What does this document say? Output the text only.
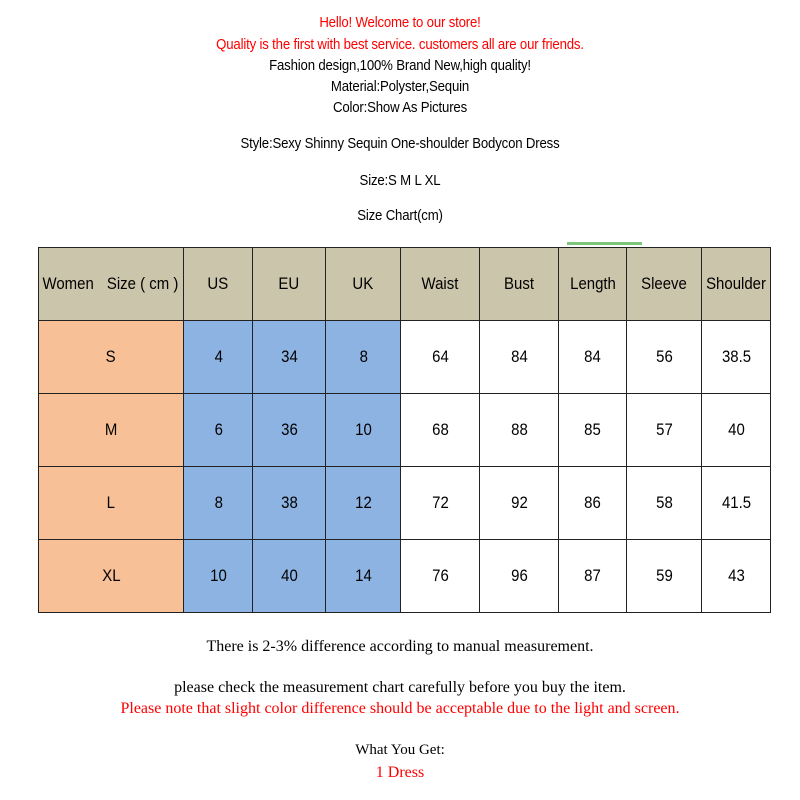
Hello! Welcome to our store!
Quality is the first with best service. customers all are our friends.
Fashion design,100% Brand New,high quality!
Material:Polyster,Sequin
Color:Show As Pictures
Style:Sexy Shinny Sequin One-shoulder Bodycon Dress
Size:S M L XL
Size Chart(cm)
Women Size ( cm )	US	EU	UK	Waist	Bust	Length	Sleeve	Shoulder
S	4	34	8	64	84	84	56	38.5
M	6	36	10	68	88	85	57	40
L	8	38	12	72	92	86	58	41.5
XL	10	40	14	76	96	87	59	43
There is 2-3% difference according to manual measurement.
please check the measurement chart carefully before you buy the item.
Please note that slight color difference should be acceptable due to the light and screen.
What You Get:
1 Dress
